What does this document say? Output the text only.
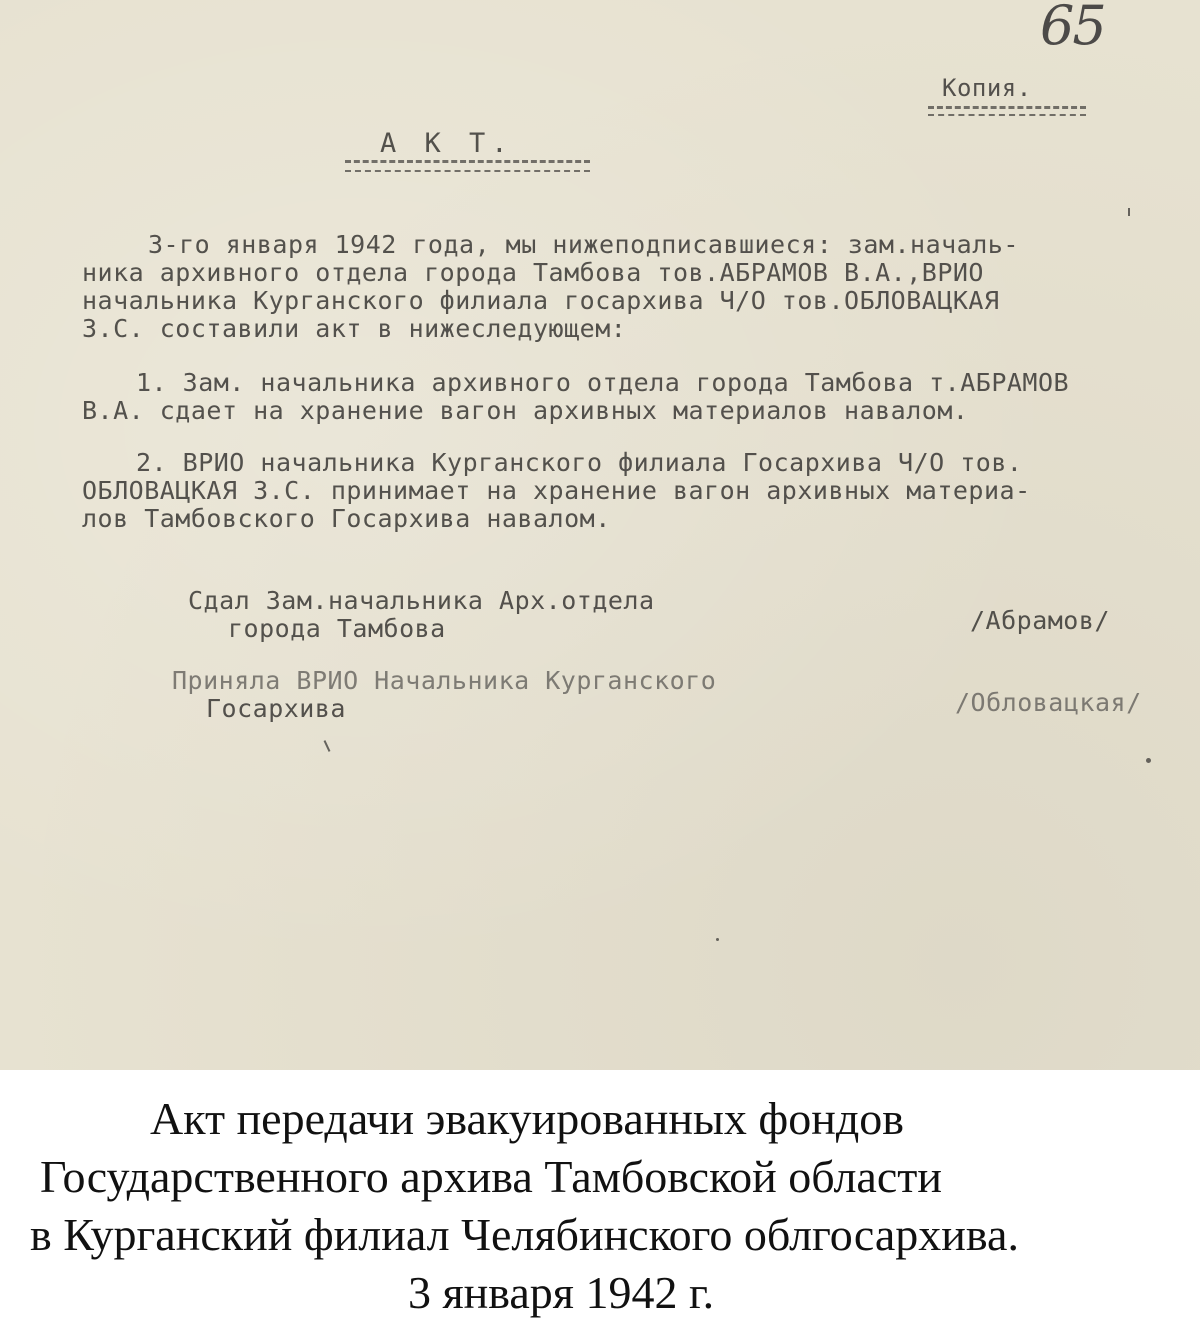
65
Копия.
А К Т.
3-го января 1942 года, мы нижеподписавшиеся: зам.началь-
ника архивного отдела города Тамбова тов.АБРАМОВ В.А.,ВРИО
начальника Курганского филиала госархива Ч/О тов.ОБЛОВАЦКАЯ
З.С. составили акт в нижеследующем:
1. Зам. начальника архивного отдела города Тамбова т.АБРАМОВ
В.А. сдает на хранение вагон архивных материалов навалом.
2. ВРИО начальника Курганского филиала Госархива Ч/О тов.
ОБЛОВАЦКАЯ З.С. принимает на хранение вагон архивных материа-
лов Тамбовского Госархива навалом.
Сдал Зам.начальника Арх.отдела
города Тамбова	/Абрамов/
Приняла ВРИО Начальника Курганского
Госархива	/Обловацкая/
Акт передачи эвакуированных фондов
Государственного архива Тамбовской области
в Курганский филиал Челябинского облгосархива.
3 января 1942 г.
